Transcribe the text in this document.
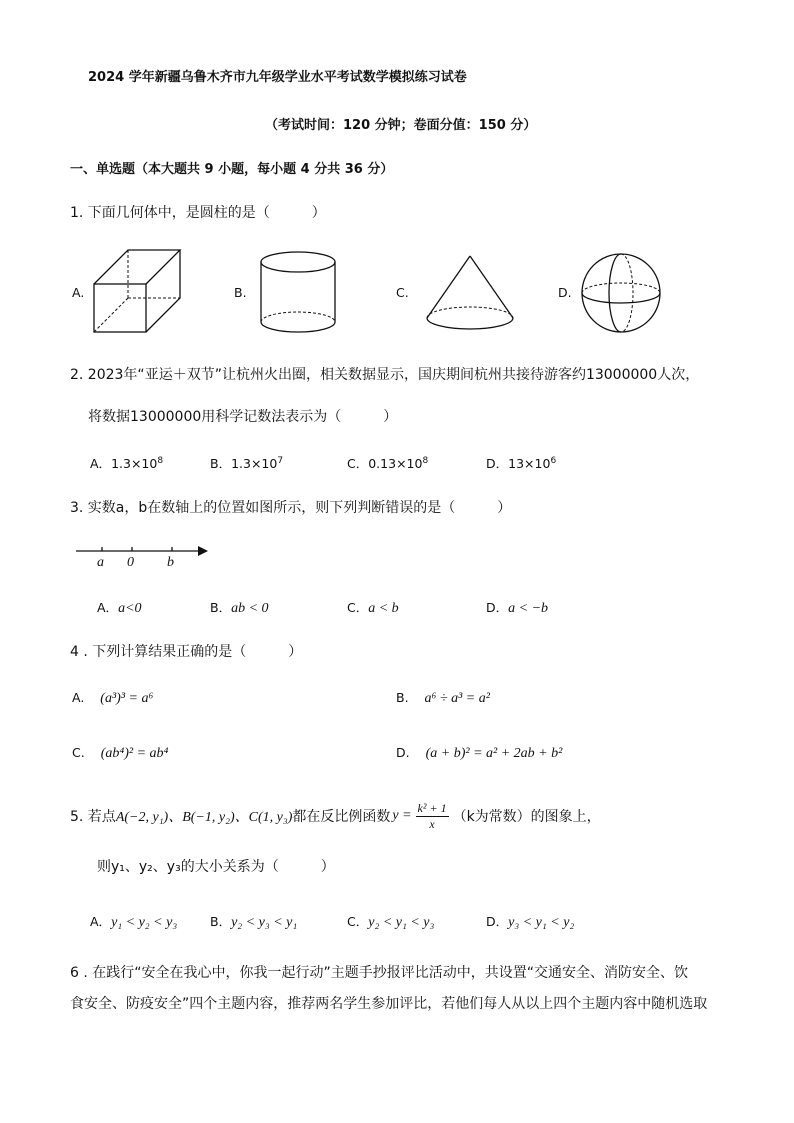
2024 学年新疆乌鲁木齐市九年级学业水平考试数学模拟练习试卷
（考试时间：120 分钟；卷面分值：150 分）
一、单选题（本大题共 9 小题，每小题 4 分共 36 分）
1. 下面几何体中，是圆柱的是（　　　）
A.	B.	C.	D.
2. 2023年“亚运＋双节”让杭州火出圈，相关数据显示，国庆期间杭州共接待游客约13000000人次，
将数据13000000用科学记数法表示为（　　　）
A．$1.3\times 10^8$	B．$1.3\times 10^7$	C．$0.13\times 10^8$	D．$13\times 10^6$
3. 实数a，b在数轴上的位置如图所示，则下列判断错误的是（　　　）
a 0 b
A．a<0	B．ab < 0	C．a < b	D．a < −b
4 . 下列计算结果正确的是（　　　）
A. (a³)³ = a⁶	B. a⁶ ÷ a³ = a²
C. (ab⁴)² = ab⁴	D. (a + b)² = a² + 2ab + b²
5. 若点 A(−2, y₁)、B(−1, y₂)、C(1, y₃) 都在反比例函数 $y = \frac{\text{k² + 1}}{x} (k$为常数）的图象上，
则y₁、y₂、y₃的大小关系为（　　　）
A．y₁ < y₂ < y₃	B．y₂ < y₃ < y₁	C．y₂ < y₁ < y₃	D．y₃ < y₁ < y₂
6 . 在践行“安全在我心中，你我一起行动”主题手抄报评比活动中，共设置“交通安全、消防安全、饮
食安全、防疫安全”四个主题内容，推荐两名学生参加评比，若他们每人从以上四个主题内容中随机选取
